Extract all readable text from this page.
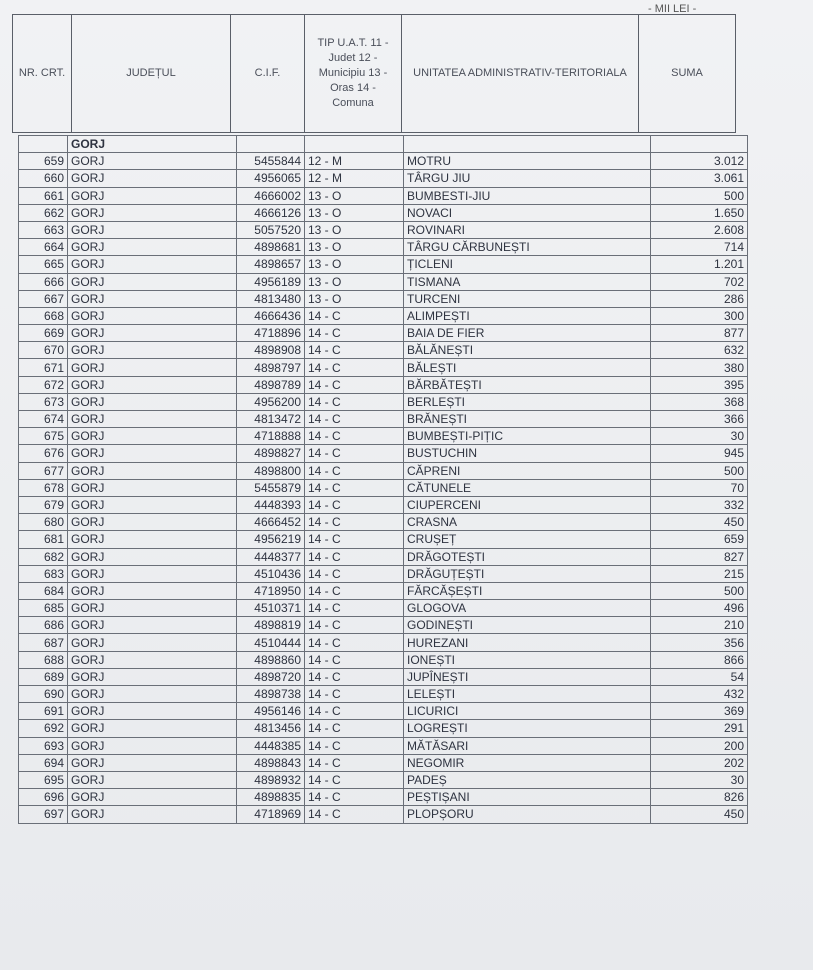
- MII LEI -
NR. CRT.	JUDEȚUL	C.I.F.	TIP U.A.T. 11 - Judet 12 - Municipiu 13 - Oras 14 - Comuna	UNITATEA ADMINISTRATIV-TERITORIALA	SUMA
	GORJ				
659	GORJ	5455844	12 - M	MOTRU	3.012
660	GORJ	4956065	12 - M	TÂRGU JIU	3.061
661	GORJ	4666002	13 - O	BUMBESTI-JIU	500
662	GORJ	4666126	13 - O	NOVACI	1.650
663	GORJ	5057520	13 - O	ROVINARI	2.608
664	GORJ	4898681	13 - O	TÂRGU CĂRBUNEȘTI	714
665	GORJ	4898657	13 - O	ȚICLENI	1.201
666	GORJ	4956189	13 - O	TISMANA	702
667	GORJ	4813480	13 - O	TURCENI	286
668	GORJ	4666436	14 - C	ALIMPEȘTI	300
669	GORJ	4718896	14 - C	BAIA DE FIER	877
670	GORJ	4898908	14 - C	BĂLĂNEȘTI	632
671	GORJ	4898797	14 - C	BĂLEȘTI	380
672	GORJ	4898789	14 - C	BĂRBĂTEȘTI	395
673	GORJ	4956200	14 - C	BERLEȘTI	368
674	GORJ	4813472	14 - C	BRĂNEȘTI	366
675	GORJ	4718888	14 - C	BUMBEȘTI-PIȚIC	30
676	GORJ	4898827	14 - C	BUSTUCHIN	945
677	GORJ	4898800	14 - C	CĂPRENI	500
678	GORJ	5455879	14 - C	CĂTUNELE	70
679	GORJ	4448393	14 - C	CIUPERCENI	332
680	GORJ	4666452	14 - C	CRASNA	450
681	GORJ	4956219	14 - C	CRUȘEȚ	659
682	GORJ	4448377	14 - C	DRĂGOTEȘTI	827
683	GORJ	4510436	14 - C	DRĂGUȚEȘTI	215
684	GORJ	4718950	14 - C	FĂRCĂȘEȘTI	500
685	GORJ	4510371	14 - C	GLOGOVA	496
686	GORJ	4898819	14 - C	GODINEȘTI	210
687	GORJ	4510444	14 - C	HUREZANI	356
688	GORJ	4898860	14 - C	IONEȘTI	866
689	GORJ	4898720	14 - C	JUPÎNEȘTI	54
690	GORJ	4898738	14 - C	LELEȘTI	432
691	GORJ	4956146	14 - C	LICURICI	369
692	GORJ	4813456	14 - C	LOGREȘTI	291
693	GORJ	4448385	14 - C	MĂTĂSARI	200
694	GORJ	4898843	14 - C	NEGOMIR	202
695	GORJ	4898932	14 - C	PADEȘ	30
696	GORJ	4898835	14 - C	PEȘTIȘANI	826
697	GORJ	4718969	14 - C	PLOPȘORU	450
